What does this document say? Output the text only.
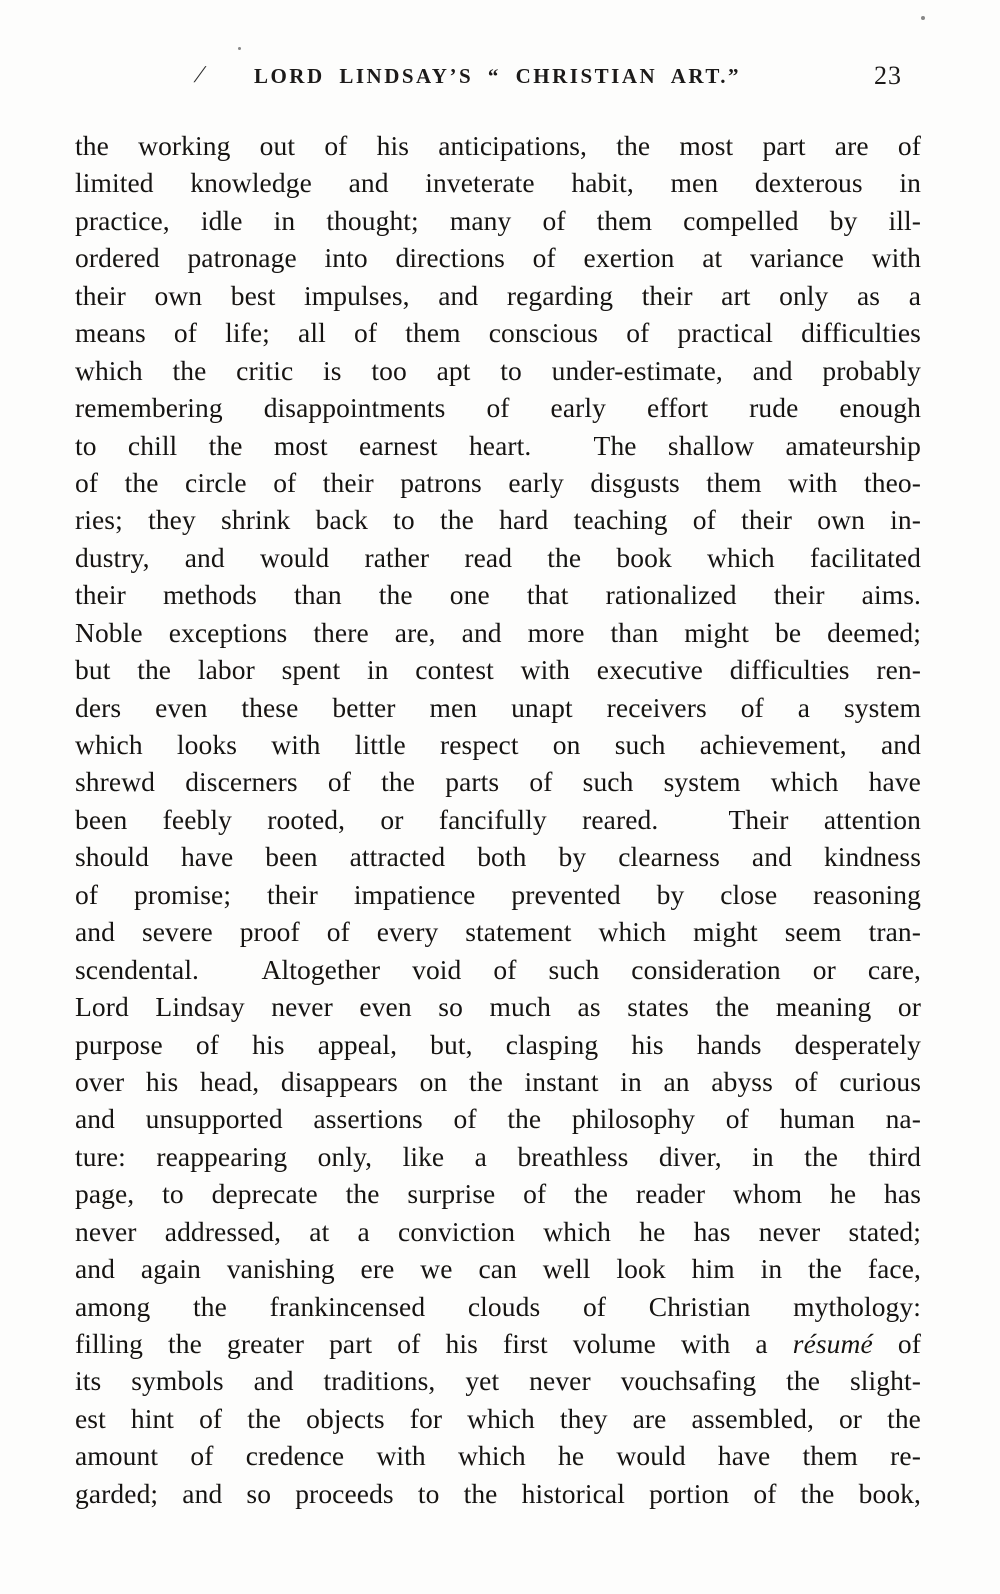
/	LORD LINDSAY’S “ CHRISTIAN ART.”	23
the working out of his anticipations, the most part are of
limited knowledge and inveterate habit, men dexterous in
practice, idle in thought; many of them compelled by ill-
ordered patronage into directions of exertion at variance with
their own best impulses, and regarding their art only as a
means of life; all of them conscious of practical difficulties
which the critic is too apt to under-estimate, and probably
remembering disappointments of early effort rude enough
to chill the most earnest heart.  The shallow amateurship
of the circle of their patrons early disgusts them with theo-
ries; they shrink back to the hard teaching of their own in-
dustry, and would rather read the book which facilitated
their methods than the one that rationalized their aims.
Noble exceptions there are, and more than might be deemed;
but the labor spent in contest with executive difficulties ren-
ders even these better men unapt receivers of a system
which looks with little respect on such achievement, and
shrewd discerners of the parts of such system which have
been feebly rooted, or fancifully reared.  Their attention
should have been attracted both by clearness and kindness
of promise; their impatience prevented by close reasoning
and severe proof of every statement which might seem tran-
scendental.  Altogether void of such consideration or care,
Lord Lindsay never even so much as states the meaning or
purpose of his appeal, but, clasping his hands desperately
over his head, disappears on the instant in an abyss of curious
and unsupported assertions of the philosophy of human na-
ture: reappearing only, like a breathless diver, in the third
page, to deprecate the surprise of the reader whom he has
never addressed, at a conviction which he has never stated;
and again vanishing ere we can well look him in the face,
among the frankincensed clouds of Christian mythology:
filling the greater part of his first volume with a résumé of
its symbols and traditions, yet never vouchsafing the slight-
est hint of the objects for which they are assembled, or the
amount of credence with which he would have them re-
garded; and so proceeds to the historical portion of the book,
